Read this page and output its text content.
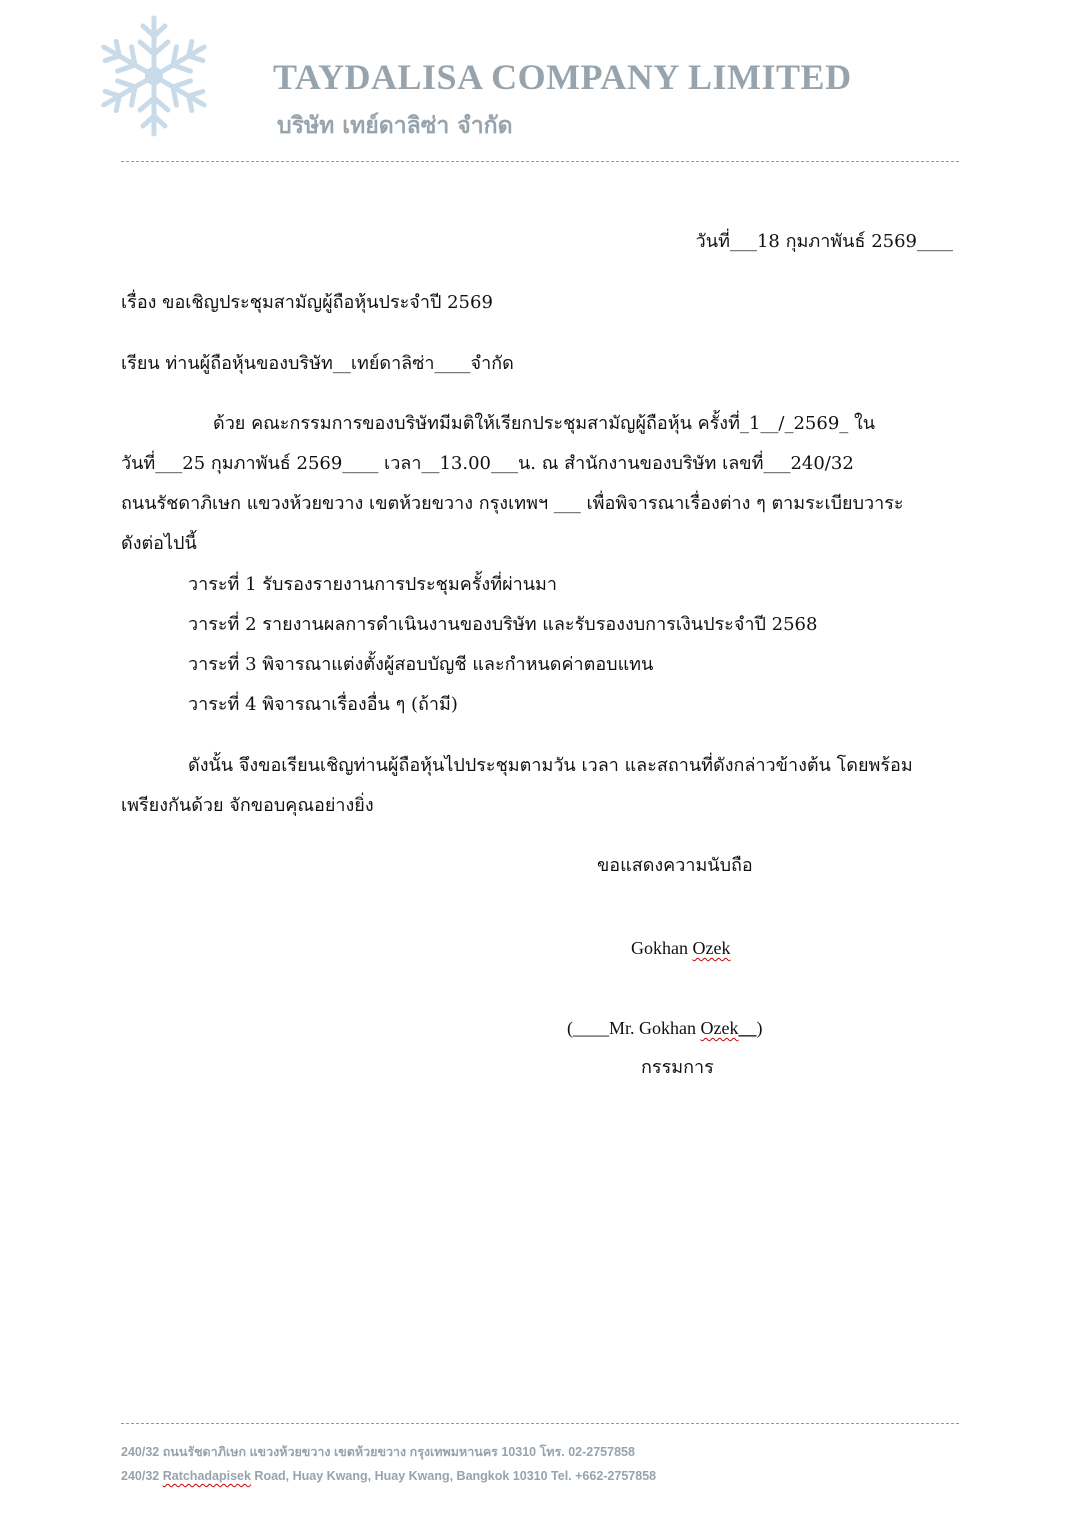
TAYDALISA COMPANY LIMITED
บริษัท เทย์ดาลิซ่า จำกัด
วันที่___18 กุมภาพันธ์ 2569____
เรื่อง ขอเชิญประชุมสามัญผู้ถือหุ้นประจำปี 2569
เรียน ท่านผู้ถือหุ้นของบริษัท__เทย์ดาลิซ่า____จำกัด
ด้วย คณะกรรมการของบริษัทมีมติให้เรียกประชุมสามัญผู้ถือหุ้น ครั้งที่_1__/_2569_ ใน
วันที่___25 กุมภาพันธ์ 2569____ เวลา__13.00___น. ณ สำนักงานของบริษัท เลขที่___240/32
ถนนรัชดาภิเษก แขวงห้วยขวาง เขตห้วยขวาง กรุงเทพฯ ___ เพื่อพิจารณาเรื่องต่าง ๆ ตามระเบียบวาระ
ดังต่อไปนี้
วาระที่ 1 รับรองรายงานการประชุมครั้งที่ผ่านมา
วาระที่ 2 รายงานผลการดำเนินงานของบริษัท และรับรองงบการเงินประจำปี 2568
วาระที่ 3 พิจารณาแต่งตั้งผู้สอบบัญชี และกำหนดค่าตอบแทน
วาระที่ 4 พิจารณาเรื่องอื่น ๆ (ถ้ามี)
ดังนั้น จึงขอเรียนเชิญท่านผู้ถือหุ้นไปประชุมตามวัน เวลา และสถานที่ดังกล่าวข้างต้น โดยพร้อม
เพรียงกันด้วย จักขอบคุณอย่างยิ่ง
ขอแสดงความนับถือ
Gokhan Ozek
(____Mr. Gokhan Ozek__)
กรรมการ
240/32 ถนนรัชดาภิเษก แขวงห้วยขวาง เขตห้วยขวาง กรุงเทพมหานคร 10310 โทร. 02-2757858
240/32 Ratchadapisek Road, Huay Kwang, Huay Kwang, Bangkok 10310 Tel. +662-2757858
